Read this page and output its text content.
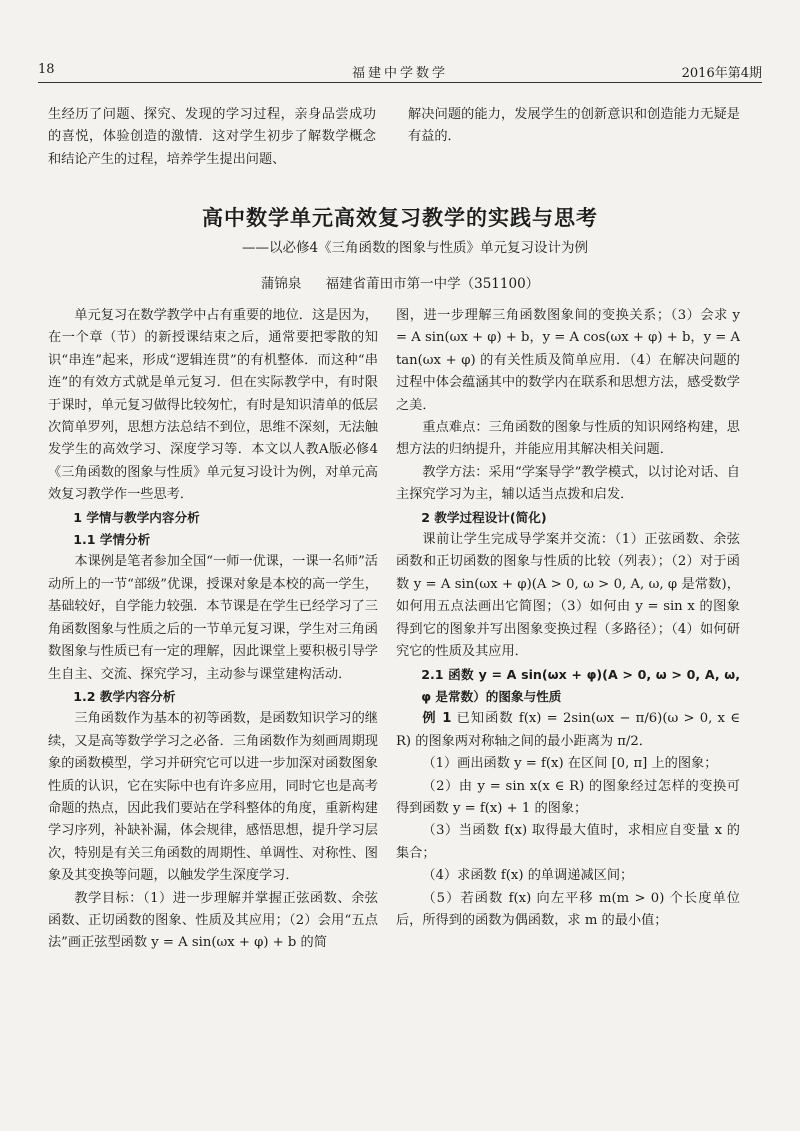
18	福建中学数学	2016年第4期

生经历了问题、探究、发现的学习过程，亲身品尝成功的喜悦，体验创造的激情．这对学生初步了解数学概念和结论产生的过程，培养学生提出问题、

解决问题的能力，发展学生的创新意识和创造能力无疑是有益的．

高中数学单元高效复习教学的实践与思考
——以必修4《三角函数的图象与性质》单元复习设计为例
蒲锦泉 福建省莆田市第一中学（351100）

单元复习在数学教学中占有重要的地位．这是因为，在一个章（节）的新授课结束之后，通常要把零散的知识“串连”起来，形成“逻辑连贯”的有机整体．而这种“串连”的有效方式就是单元复习．但在实际教学中，有时限于课时，单元复习做得比较匆忙，有时是知识清单的低层次简单罗列，思想方法总结不到位，思维不深刻，无法触发学生的高效学习、深度学习等．本文以人教A版必修4《三角函数的图象与性质》单元复习设计为例，对单元高效复习教学作一些思考．

1 学情与教学内容分析

1.1 学情分析

本课例是笔者参加全国“一师一优课，一课一名师”活动所上的一节“部级”优课，授课对象是本校的高一学生，基础较好，自学能力较强．本节课是在学生已经学习了三角函数图象与性质之后的一节单元复习课，学生对三角函数图象与性质已有一定的理解，因此课堂上要积极引导学生自主、交流、探究学习，主动参与课堂建构活动．

1.2 教学内容分析

三角函数作为基本的初等函数，是函数知识学习的继续，又是高等数学学习之必备．三角函数作为刻画周期现象的函数模型，学习并研究它可以进一步加深对函数图象性质的认识，它在实际中也有许多应用，同时它也是高考命题的热点，因此我们要站在学科整体的角度，重新构建学习序列，补缺补漏，体会规律，感悟思想，提升学习层次，特别是有关三角函数的周期性、单调性、对称性、图象及其变换等问题，以触发学生深度学习．

教学目标：（1）进一步理解并掌握正弦函数、余弦函数、正切函数的图象、性质及其应用；（2）会用“五点法”画正弦型函数 y = A sin(ωx + φ) + b 的简

图，进一步理解三角函数图象间的变换关系；（3）会求 y = A sin(ωx + φ) + b，y = A cos(ωx + φ) + b，y = A tan(ωx + φ) 的有关性质及简单应用．（4）在解决问题的过程中体会蕴涵其中的数学内在联系和思想方法，感受数学之美．

重点难点：三角函数的图象与性质的知识网络构建，思想方法的归纳提升，并能应用其解决相关问题．

教学方法：采用“学案导学”教学模式，以讨论对话、自主探究学习为主，辅以适当点拨和启发．

2 教学过程设计(简化)

课前让学生完成导学案并交流：（1）正弦函数、余弦函数和正切函数的图象与性质的比较（列表）；（2）对于函数 y = A sin(ωx + φ)(A > 0, ω > 0, A, ω, φ 是常数)，如何用五点法画出它简图；（3）如何由 y = sin x 的图象得到它的图象并写出图象变换过程（多路径）；（4）如何研究它的性质及其应用．

2.1 函数 y = A sin(ωx + φ)(A > 0, ω > 0, A, ω, φ 是常数）的图象与性质

例 1 已知函数 f(x) = 2sin(ωx − π/6)(ω > 0, x ∈ R) 的图象两对称轴之间的最小距离为 π/2．

（1）画出函数 y = f(x) 在区间 [0, π] 上的图象；

（2）由 y = sin x(x ∈ R) 的图象经过怎样的变换可得到函数 y = f(x) + 1 的图象；

（3）当函数 f(x) 取得最大值时，求相应自变量 x 的集合；

（4）求函数 f(x) 的单调递减区间；

（5）若函数 f(x) 向左平移 m(m > 0) 个长度单位后，所得到的函数为偶函数，求 m 的最小值；
